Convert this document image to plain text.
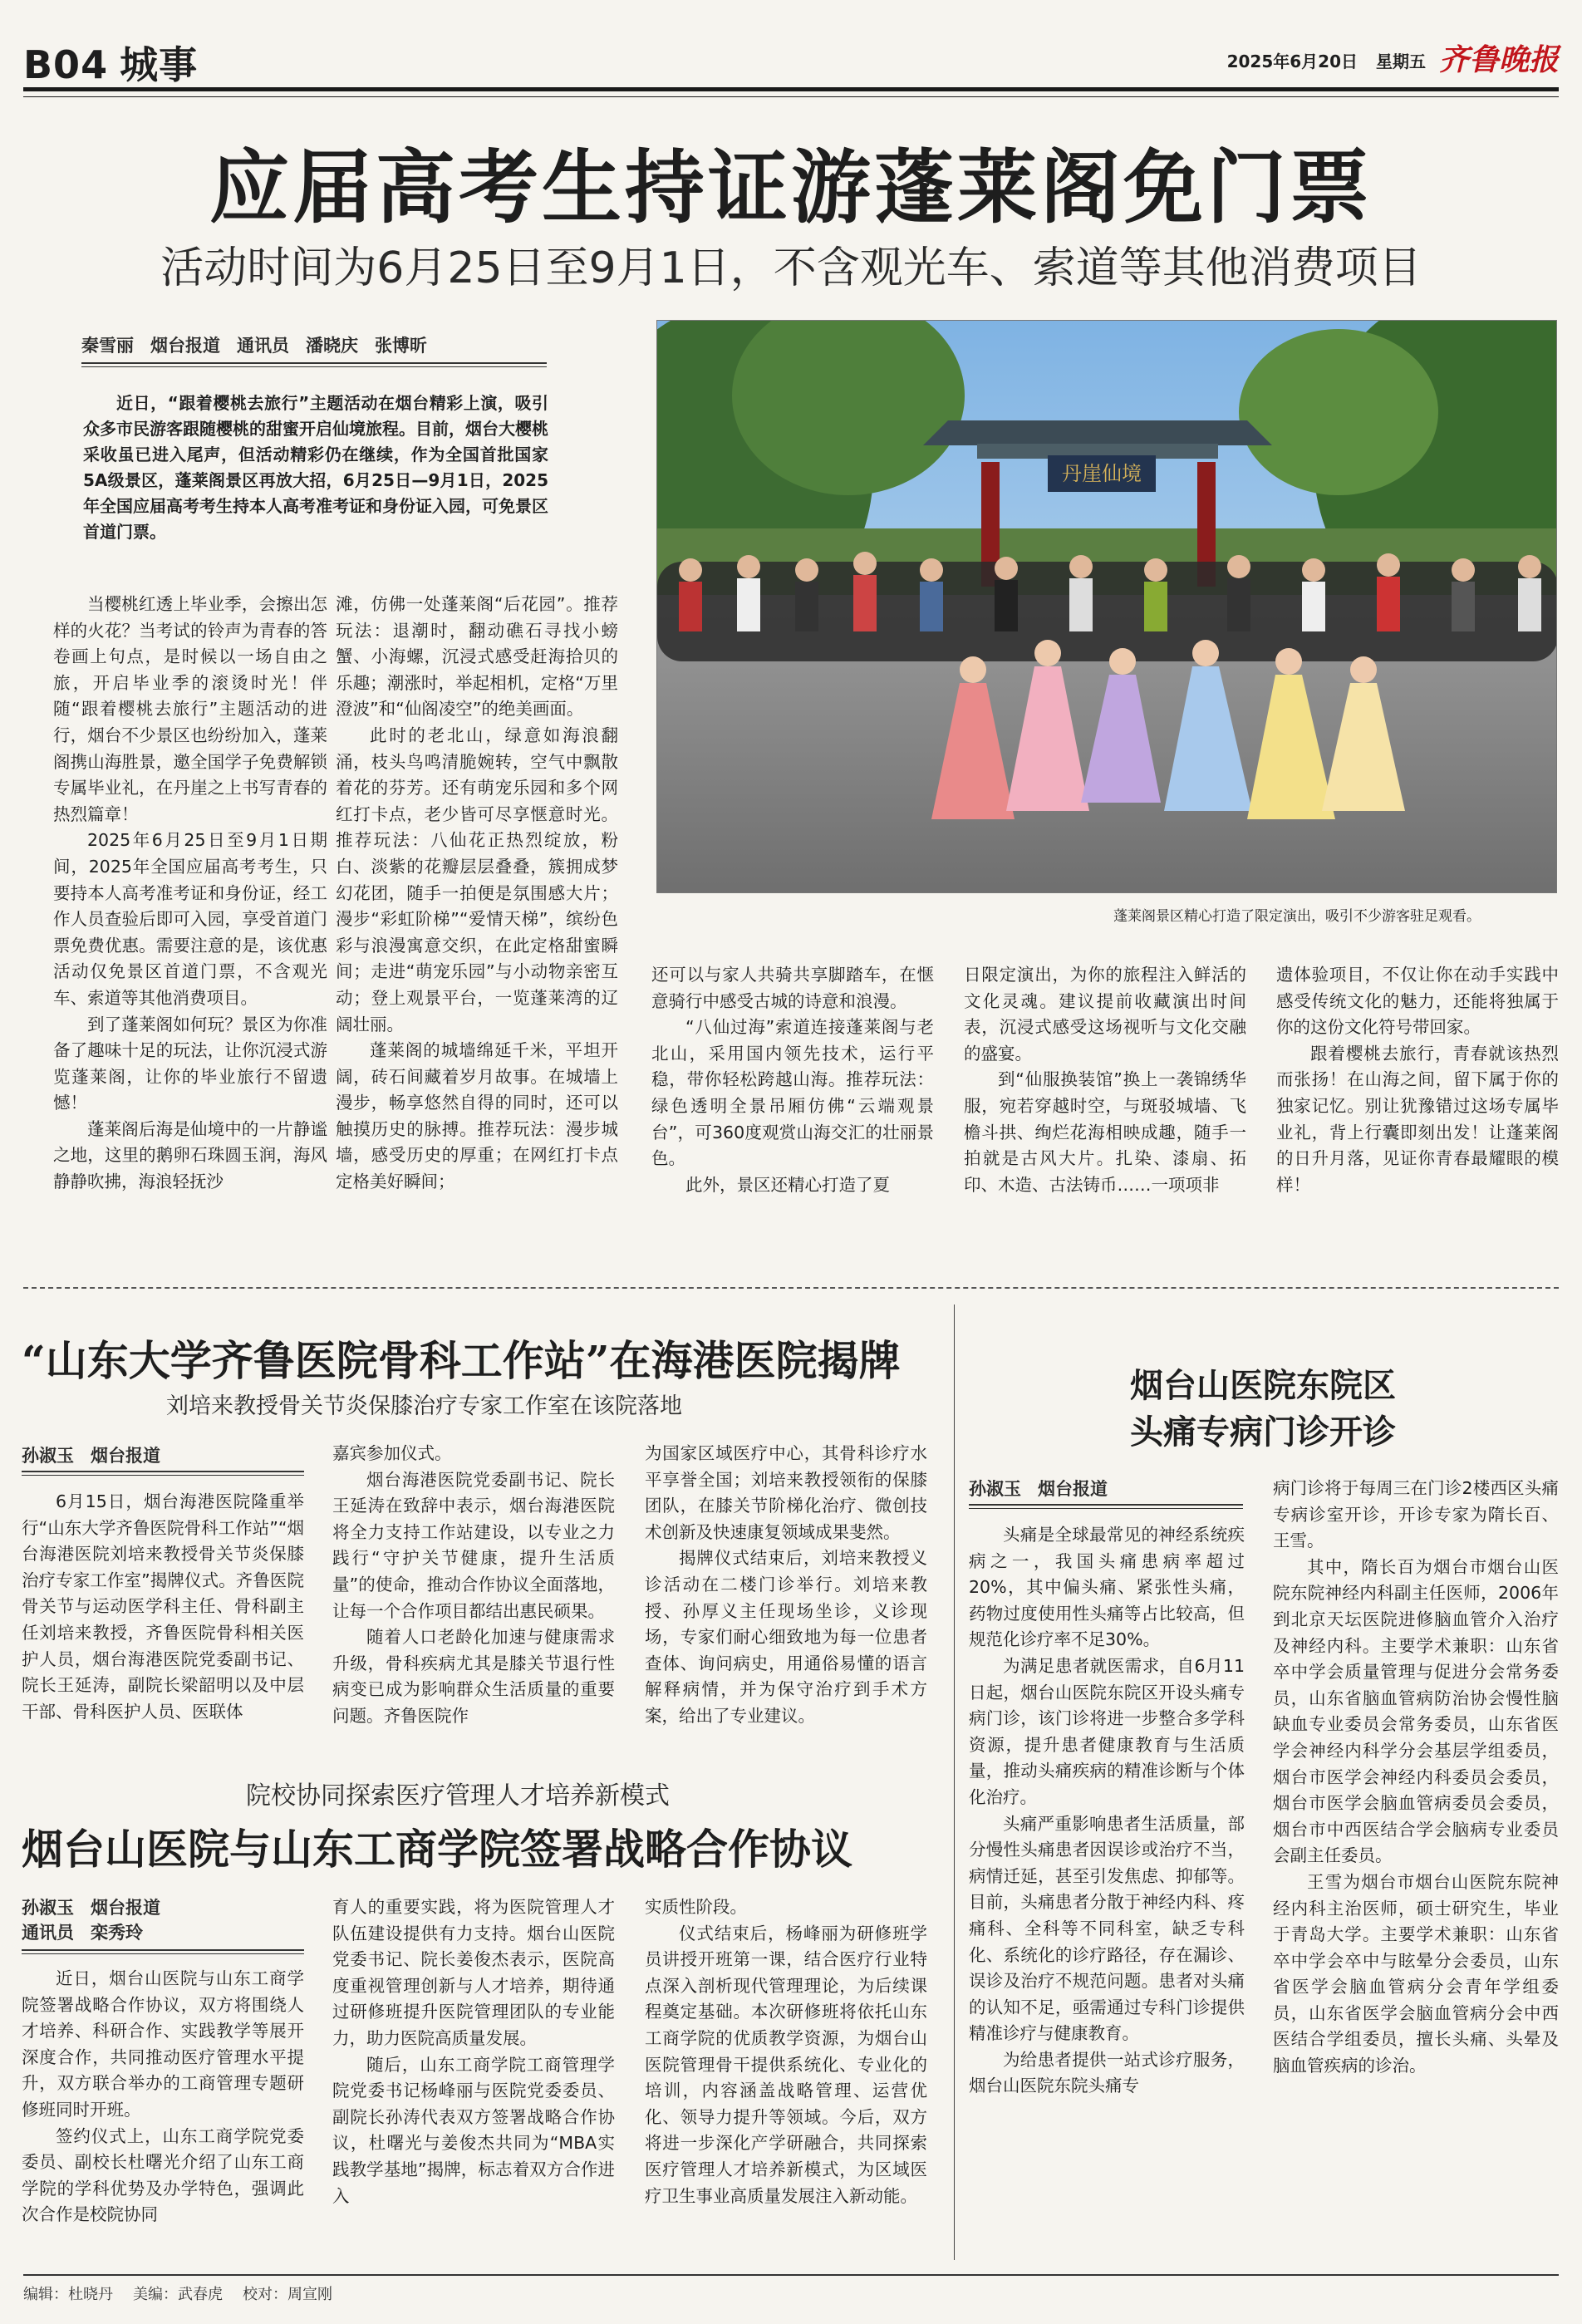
B04 城事	2025年6月20日 星期五 齐鲁晚报
应届高考生持证游蓬莱阁免门票
活动时间为6月25日至9月1日，不含观光车、索道等其他消费项目
秦雪丽 烟台报道 通讯员 潘晓庆 张博昕
近日，“跟着樱桃去旅行”主题活动在烟台精彩上演，吸引众多市民游客跟随樱桃的甜蜜开启仙境旅程。目前，烟台大樱桃采收虽已进入尾声，但活动精彩仍在继续，作为全国首批国家5A级景区，蓬莱阁景区再放大招，6月25日—9月1日，2025年全国应届高考考生持本人高考准考证和身份证入园，可免景区首道门票。
丹崖仙境
蓬莱阁景区精心打造了限定演出，吸引不少游客驻足观看。

当樱桃红透上毕业季，会擦出怎样的火花？当考试的铃声为青春的答卷画上句点，是时候以一场自由之旅，开启毕业季的滚烫时光！伴随“跟着樱桃去旅行”主题活动的进行，烟台不少景区也纷纷加入，蓬莱阁携山海胜景，邀全国学子免费解锁专属毕业礼，在丹崖之上书写青春的热烈篇章！

2025年6月25日至9月1日期间，2025年全国应届高考考生，只要持本人高考准考证和身份证，经工作人员查验后即可入园，享受首道门票免费优惠。需要注意的是，该优惠活动仅免景区首道门票，不含观光车、索道等其他消费项目。

到了蓬莱阁如何玩？景区为你准备了趣味十足的玩法，让你沉浸式游览蓬莱阁，让你的毕业旅行不留遗憾！

蓬莱阁后海是仙境中的一片静谧之地，这里的鹅卵石珠圆玉润，海风静静吹拂，海浪轻抚沙

滩，仿佛一处蓬莱阁“后花园”。推荐玩法：退潮时，翻动礁石寻找小螃蟹、小海螺，沉浸式感受赶海拾贝的乐趣；潮涨时，举起相机，定格“万里澄波”和“仙阁凌空”的绝美画面。

此时的老北山，绿意如海浪翻涌，枝头鸟鸣清脆婉转，空气中飘散着花的芬芳。还有萌宠乐园和多个网红打卡点，老少皆可尽享惬意时光。推荐玩法：八仙花正热烈绽放，粉白、淡紫的花瓣层层叠叠，簇拥成梦幻花团，随手一拍便是氛围感大片；漫步“彩虹阶梯”“爱情天梯”，缤纷色彩与浪漫寓意交织，在此定格甜蜜瞬间；走进“萌宠乐园”与小动物亲密互动；登上观景平台，一览蓬莱湾的辽阔壮丽。

蓬莱阁的城墙绵延千米，平坦开阔，砖石间藏着岁月故事。在城墙上漫步，畅享悠然自得的同时，还可以触摸历史的脉搏。推荐玩法：漫步城墙，感受历史的厚重；在网红打卡点定格美好瞬间；

还可以与家人共骑共享脚踏车，在惬意骑行中感受古城的诗意和浪漫。

“八仙过海”索道连接蓬莱阁与老北山，采用国内领先技术，运行平稳，带你轻松跨越山海。推荐玩法：绿色透明全景吊厢仿佛“云端观景台”，可360度观赏山海交汇的壮丽景色。

此外，景区还精心打造了夏

日限定演出，为你的旅程注入鲜活的文化灵魂。建议提前收藏演出时间表，沉浸式感受这场视听与文化交融的盛宴。

到“仙服换装馆”换上一袭锦绣华服，宛若穿越时空，与斑驳城墙、飞檐斗拱、绚烂花海相映成趣，随手一拍就是古风大片。扎染、漆扇、拓印、木造、古法铸币……一项项非

遗体验项目，不仅让你在动手实践中感受传统文化的魅力，还能将独属于你的这份文化符号带回家。

跟着樱桃去旅行，青春就该热烈而张扬！在山海之间，留下属于你的独家记忆。别让犹豫错过这场专属毕业礼，背上行囊即刻出发！让蓬莱阁的日升月落，见证你青春最耀眼的模样！

“山东大学齐鲁医院骨科工作站”在海港医院揭牌
刘培来教授骨关节炎保膝治疗专家工作室在该院落地
孙淑玉 烟台报道

6月15日，烟台海港医院隆重举行“山东大学齐鲁医院骨科工作站”“烟台海港医院刘培来教授骨关节炎保膝治疗专家工作室”揭牌仪式。齐鲁医院骨关节与运动医学科主任、骨科副主任刘培来教授，齐鲁医院骨科相关医护人员，烟台海港医院党委副书记、院长王延涛，副院长梁韶明以及中层干部、骨科医护人员、医联体

嘉宾参加仪式。

烟台海港医院党委副书记、院长王延涛在致辞中表示，烟台海港医院将全力支持工作站建设，以专业之力践行“守护关节健康，提升生活质量”的使命，推动合作协议全面落地，让每一个合作项目都结出惠民硕果。

随着人口老龄化加速与健康需求升级，骨科疾病尤其是膝关节退行性病变已成为影响群众生活质量的重要问题。齐鲁医院作

为国家区域医疗中心，其骨科诊疗水平享誉全国；刘培来教授领衔的保膝团队，在膝关节阶梯化治疗、微创技术创新及快速康复领域成果斐然。

揭牌仪式结束后，刘培来教授义诊活动在二楼门诊举行。刘培来教授、孙厚义主任现场坐诊，义诊现场，专家们耐心细致地为每一位患者查体、询问病史，用通俗易懂的语言解释病情，并为保守治疗到手术方案，给出了专业建议。

院校协同探索医疗管理人才培养新模式
烟台山医院与山东工商学院签署战略合作协议
孙淑玉 烟台报道
通讯员 栾秀玲

近日，烟台山医院与山东工商学院签署战略合作协议，双方将围绕人才培养、科研合作、实践教学等展开深度合作，共同推动医疗管理水平提升，双方联合举办的工商管理专题研修班同时开班。

签约仪式上，山东工商学院党委委员、副校长杜曙光介绍了山东工商学院的学科优势及办学特色，强调此次合作是校院协同

育人的重要实践，将为医院管理人才队伍建设提供有力支持。烟台山医院党委书记、院长姜俊杰表示，医院高度重视管理创新与人才培养，期待通过研修班提升医院管理团队的专业能力，助力医院高质量发展。

随后，山东工商学院工商管理学院党委书记杨峰丽与医院党委委员、副院长孙涛代表双方签署战略合作协议，杜曙光与姜俊杰共同为“MBA实践教学基地”揭牌，标志着双方合作进入

实质性阶段。

仪式结束后，杨峰丽为研修班学员讲授开班第一课，结合医疗行业特点深入剖析现代管理理论，为后续课程奠定基础。本次研修班将依托山东工商学院的优质教学资源，为烟台山医院管理骨干提供系统化、专业化的培训，内容涵盖战略管理、运营优化、领导力提升等领域。今后，双方将进一步深化产学研融合，共同探索医疗管理人才培养新模式，为区域医疗卫生事业高质量发展注入新动能。

烟台山医院东院区
头痛专病门诊开诊
孙淑玉 烟台报道

头痛是全球最常见的神经系统疾病之一，我国头痛患病率超过20%，其中偏头痛、紧张性头痛，药物过度使用性头痛等占比较高，但规范化诊疗率不足30%。

为满足患者就医需求，自6月11日起，烟台山医院东院区开设头痛专病门诊，该门诊将进一步整合多学科资源，提升患者健康教育与生活质量，推动头痛疾病的精准诊断与个体化治疗。

头痛严重影响患者生活质量，部分慢性头痛患者因误诊或治疗不当，病情迁延，甚至引发焦虑、抑郁等。目前，头痛患者分散于神经内科、疼痛科、全科等不同科室，缺乏专科化、系统化的诊疗路径，存在漏诊、误诊及治疗不规范问题。患者对头痛的认知不足，亟需通过专科门诊提供精准诊疗与健康教育。

为给患者提供一站式诊疗服务，烟台山医院东院头痛专

病门诊将于每周三在门诊2楼西区头痛专病诊室开诊，开诊专家为隋长百、王雪。

其中，隋长百为烟台市烟台山医院东院神经内科副主任医师，2006年到北京天坛医院进修脑血管介入治疗及神经内科。主要学术兼职：山东省卒中学会质量管理与促进分会常务委员，山东省脑血管病防治协会慢性脑缺血专业委员会常务委员，山东省医学会神经内科学分会基层学组委员，烟台市医学会神经内科委员会委员，烟台市医学会脑血管病委员会委员，烟台市中西医结合学会脑病专业委员会副主任委员。

王雪为烟台市烟台山医院东院神经内科主治医师，硕士研究生，毕业于青岛大学。主要学术兼职：山东省卒中学会卒中与眩晕分会委员，山东省医学会脑血管病分会青年学组委员，山东省医学会脑血管病分会中西医结合学组委员，擅长头痛、头晕及脑血管疾病的诊治。

编辑：杜晓丹 美编：武春虎 校对：周宣刚
